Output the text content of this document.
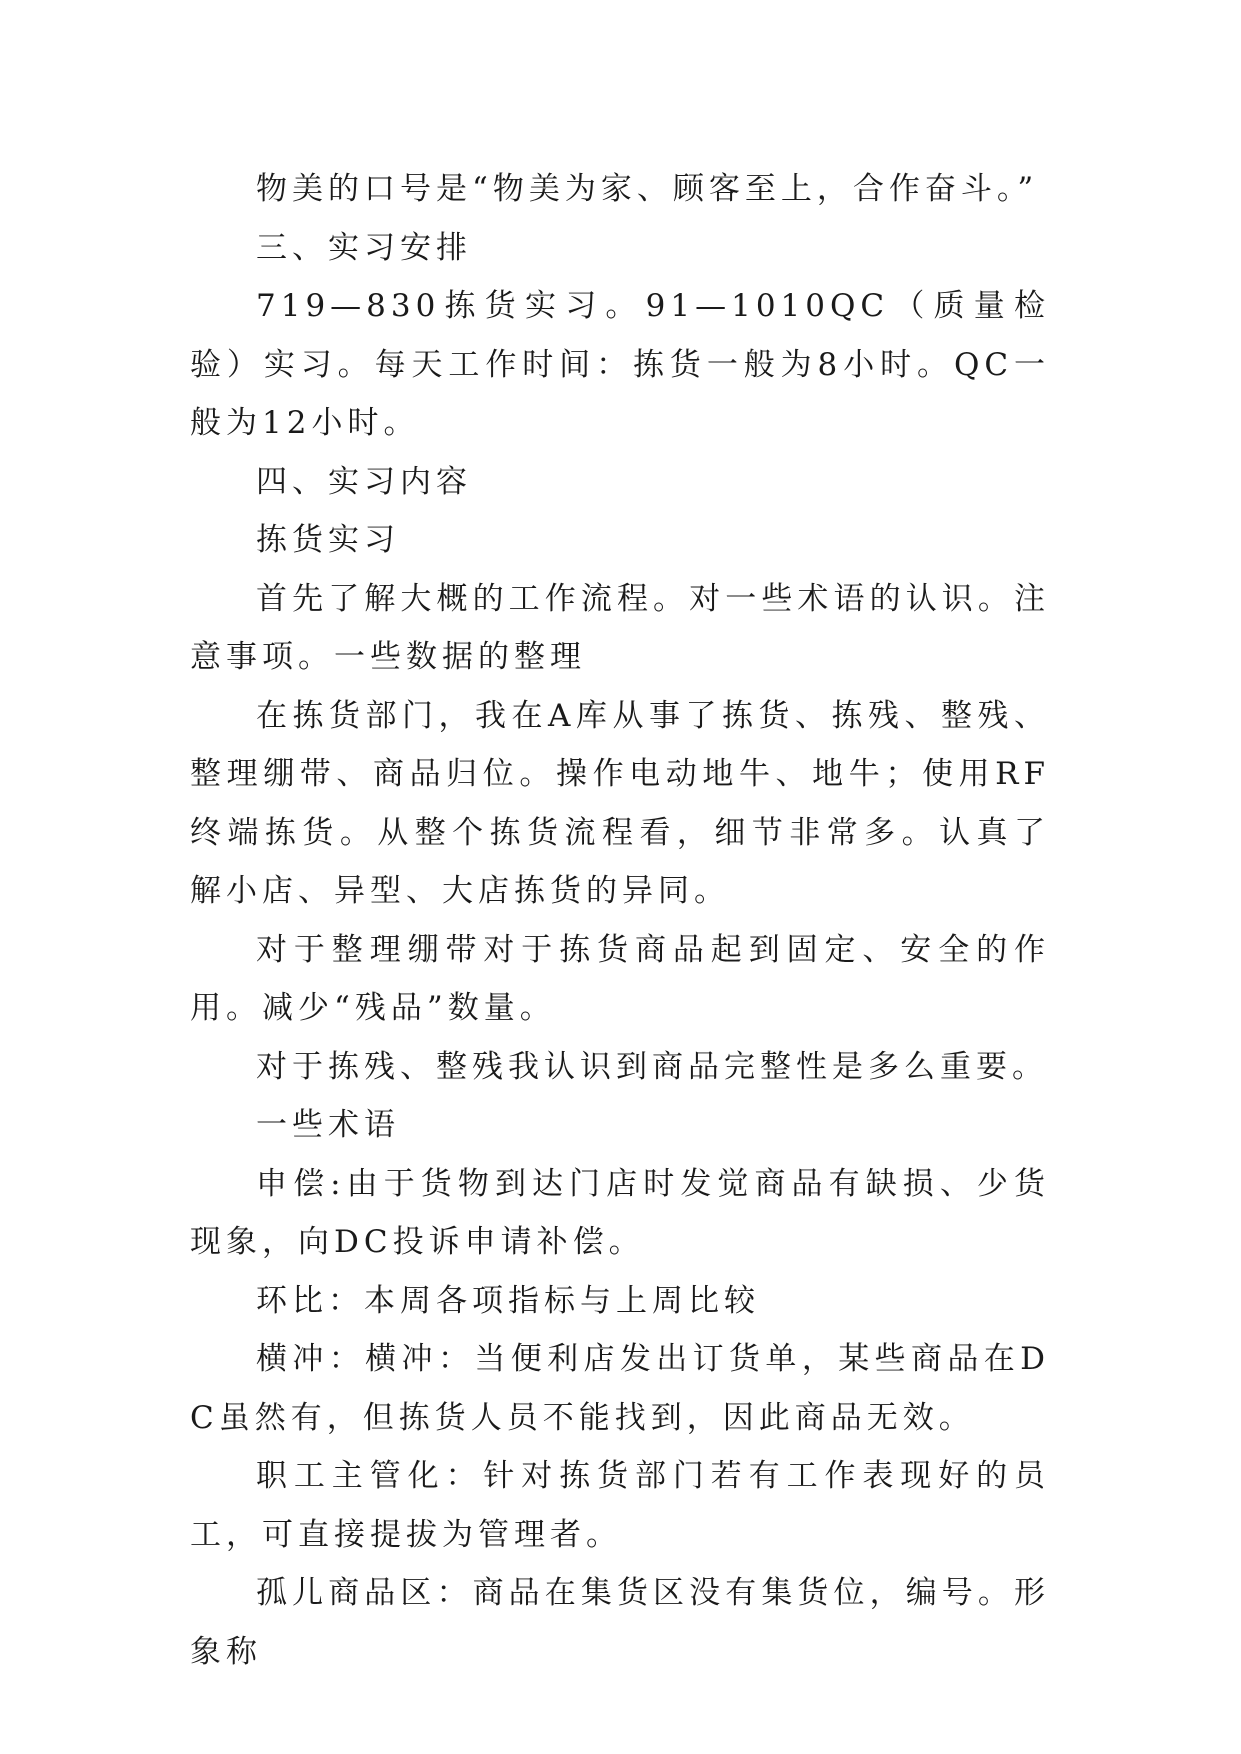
物美的口号是“物美为家、顾客至上，合作奋斗。”

三、实习安排

719—830拣货实习。91—1010QC（质量检验）实习。每天工作时间：拣货一般为8小时。QC一般为12小时。

四、实习内容

拣货实习

首先了解大概的工作流程。对一些术语的认识。注意事项。一些数据的整理

在拣货部门，我在A库从事了拣货、拣残、整残、整理绷带、商品归位。操作电动地牛、地牛；使用RF终端拣货。从整个拣货流程看，细节非常多。认真了解小店、异型、大店拣货的异同。

对于整理绷带对于拣货商品起到固定、安全的作用。减少“残品”数量。

对于拣残、整残我认识到商品完整性是多么重要。

一些术语

申偿:由于货物到达门店时发觉商品有缺损、少货现象，向DC投诉申请补偿。

环比：本周各项指标与上周比较

横冲：横冲：当便利店发出订货单，某些商品在DC虽然有，但拣货人员不能找到，因此商品无效。

职工主管化：针对拣货部门若有工作表现好的员工，可直接提拔为管理者。

孤儿商品区：商品在集货区没有集货位，编号。形象称
